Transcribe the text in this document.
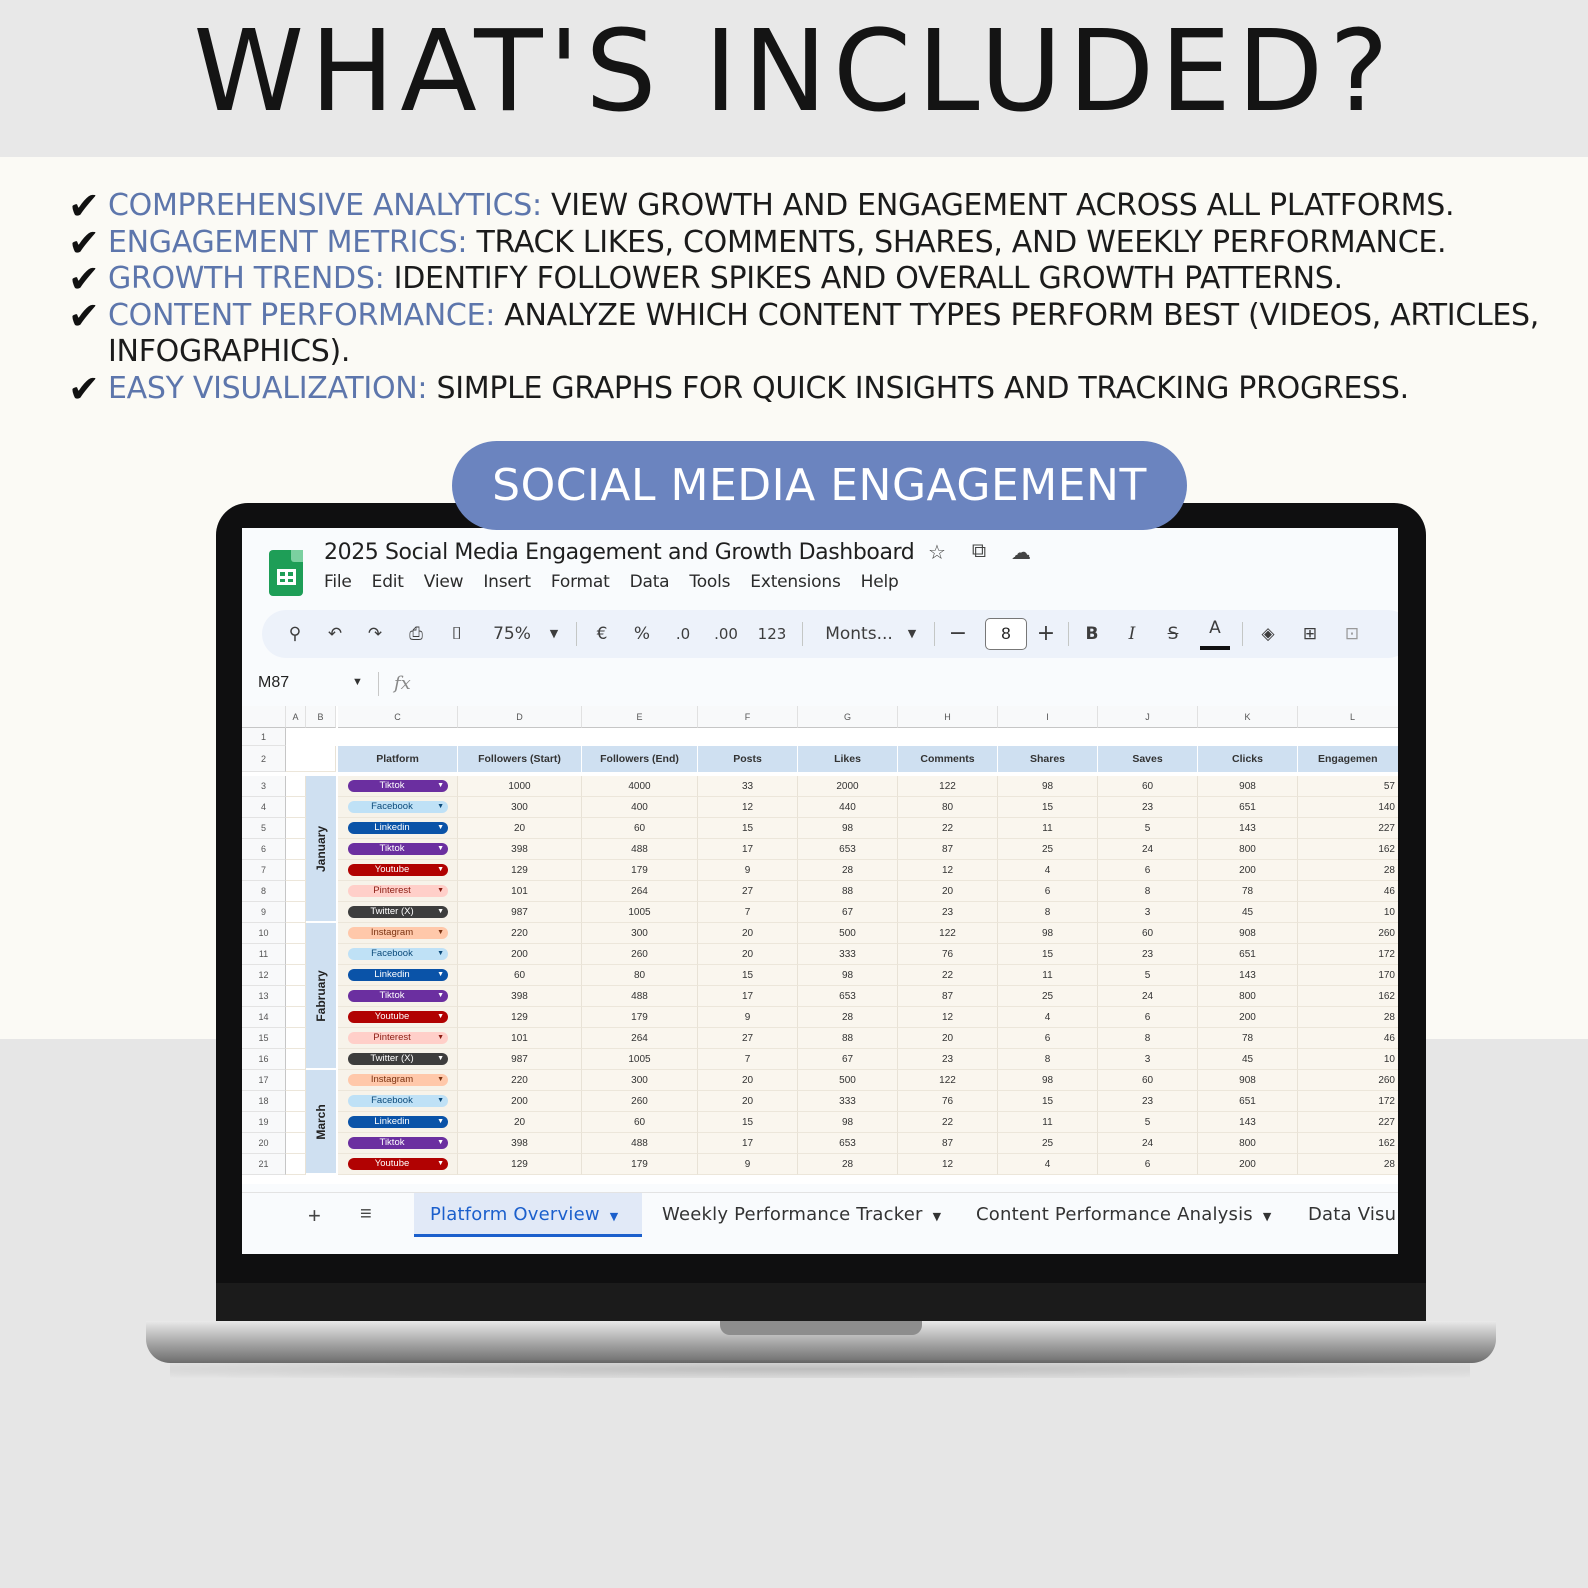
WHAT'S INCLUDED?
✔ COMPREHENSIVE ANALYTICS: VIEW GROWTH AND ENGAGEMENT ACROSS ALL PLATFORMS.
✔ ENGAGEMENT METRICS: TRACK LIKES, COMMENTS, SHARES, AND WEEKLY PERFORMANCE.
✔ GROWTH TRENDS: IDENTIFY FOLLOWER SPIKES AND OVERALL GROWTH PATTERNS.
✔ CONTENT PERFORMANCE: ANALYZE WHICH CONTENT TYPES PERFORM BEST (VIDEOS, ARTICLES, INFOGRAPHICS).
✔ EASY VISUALIZATION: SIMPLE GRAPHS FOR QUICK INSIGHTS AND TRACKING PROGRESS.
SOCIAL MEDIA ENGAGEMENT
2025 Social Media Engagement and Growth Dashboard ☆ ⧉ ☁
File Edit View Insert Format Data Tools Extensions Help
⚲	↶	↷	⎙	⌷	75%	▼	€	%	.0	.00	123	Monts...	▼ −	8	+	B	I	S	A	◈	⊞	⊡
M87	▼ fx
A	B	C	D	E	F	G	H	I	J	K	L
1
2	Platform	Followers (Start)	Followers (End)	Posts	Likes	Comments	Shares	Saves	Clicks	Engagemen
January
Fabruary
March
3	Tiktok	▼	1000	4000	33	2000	122	98	60	908	57
4	Facebook	▼	300	400	12	440	80	15	23	651	140
5	Linkedin	▼	20	60	15	98	22	11	5	143	227
6	Tiktok	▼	398	488	17	653	87	25	24	800	162
7	Youtube	▼	129	179	9	28	12	4	6	200	28
8	Pinterest	▼	101	264	27	88	20	6	8	78	46
9	Twitter (X)	▼	987	1005	7	67	23	8	3	45	10
10	Instagram	▼	220	300	20	500	122	98	60	908	260
11	Facebook	▼	200	260	20	333	76	15	23	651	172
12	Linkedin	▼	60	80	15	98	22	11	5	143	170
13	Tiktok	▼	398	488	17	653	87	25	24	800	162
14	Youtube	▼	129	179	9	28	12	4	6	200	28
15	Pinterest	▼	101	264	27	88	20	6	8	78	46
16	Twitter (X)	▼	987	1005	7	67	23	8	3	45	10
17	Instagram	▼	220	300	20	500	122	98	60	908	260
18	Facebook	▼	200	260	20	333	76	15	23	651	172
19	Linkedin	▼	20	60	15	98	22	11	5	143	227
20	Tiktok	▼	398	488	17	653	87	25	24	800	162
21	Youtube	▼	129	179	9	28	12	4	6	200	28
+ ≡	Platform Overview ▼	Weekly Performance Tracker ▼	Content Performance Analysis ▼	Data Visu
